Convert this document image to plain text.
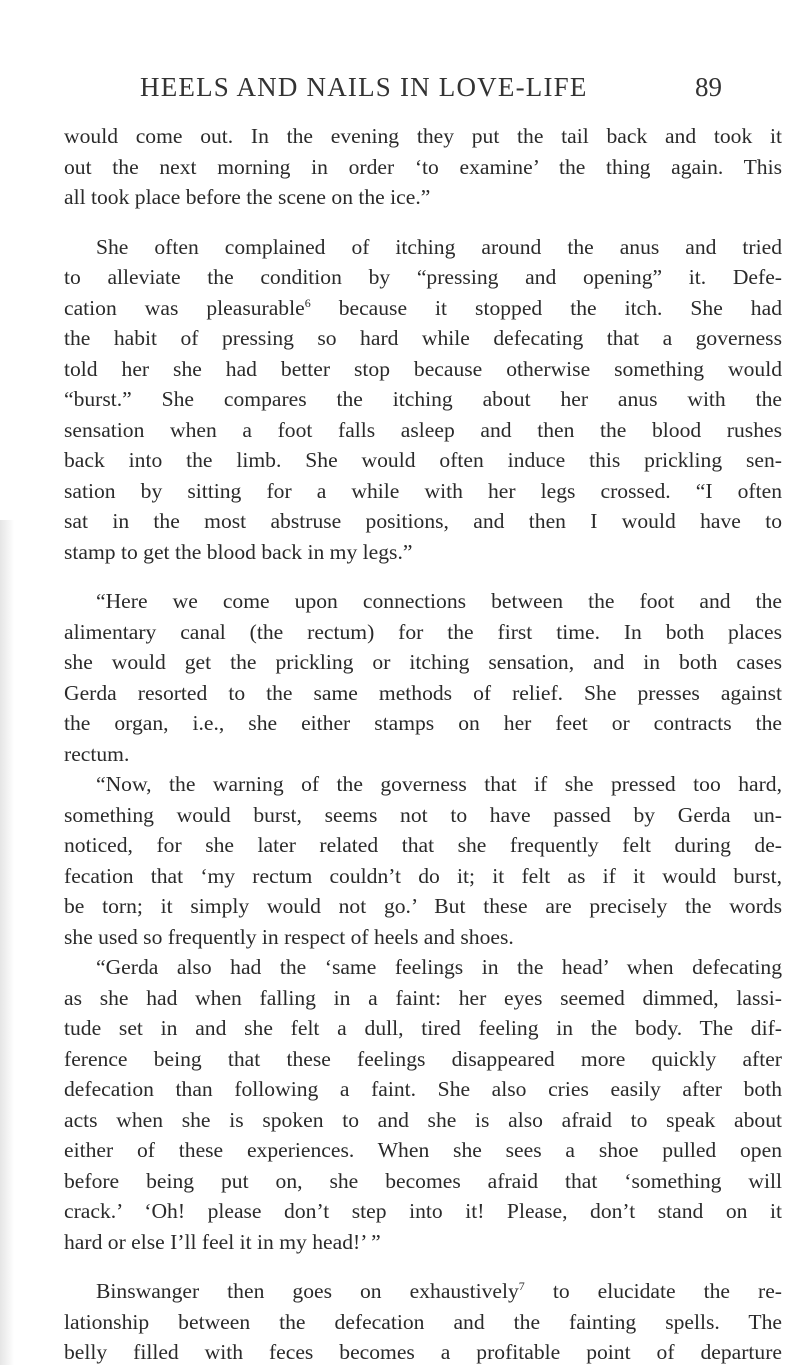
HEELS AND NAILS IN LOVE-LIFE	89
would come out. In the evening they put the tail back and took it
out the next morning in order ‘to examine’ the thing again. This
all took place before the scene on the ice.”
She often complained of itching around the anus and tried
to alleviate the condition by “pressing and opening” it. Defe-
cation was pleasurable$^6$ because it stopped the itch. She had
the habit of pressing so hard while defecating that a governess
told her she had better stop because otherwise something would
“burst.” She compares the itching about her anus with the
sensation when a foot falls asleep and then the blood rushes
back into the limb. She would often induce this prickling sen-
sation by sitting for a while with her legs crossed. “I often
sat in the most abstruse positions, and then I would have to
stamp to get the blood back in my legs.”
“Here we come upon connections between the foot and the
alimentary canal (the rectum) for the first time. In both places
she would get the prickling or itching sensation, and in both cases
Gerda resorted to the same methods of relief. She presses against
the organ, i.e., she either stamps on her feet or contracts the
rectum.
“Now, the warning of the governess that if she pressed too hard,
something would burst, seems not to have passed by Gerda un-
noticed, for she later related that she frequently felt during de-
fecation that ‘my rectum couldn’t do it; it felt as if it would burst,
be torn; it simply would not go.’ But these are precisely the words
she used so frequently in respect of heels and shoes.
“Gerda also had the ‘same feelings in the head’ when defecating
as she had when falling in a faint: her eyes seemed dimmed, lassi-
tude set in and she felt a dull, tired feeling in the body. The dif-
ference being that these feelings disappeared more quickly after
defecation than following a faint. She also cries easily after both
acts when she is spoken to and she is also afraid to speak about
either of these experiences. When she sees a shoe pulled open
before being put on, she becomes afraid that ‘something will
crack.’ ‘Oh! please don’t step into it! Please, don’t stand on it
hard or else I’ll feel it in my head!’ ”
Binswanger then goes on exhaustively$^7$ to elucidate the re-
lationship between the defecation and the fainting spells. The
belly filled with feces becomes a profitable point of departure
